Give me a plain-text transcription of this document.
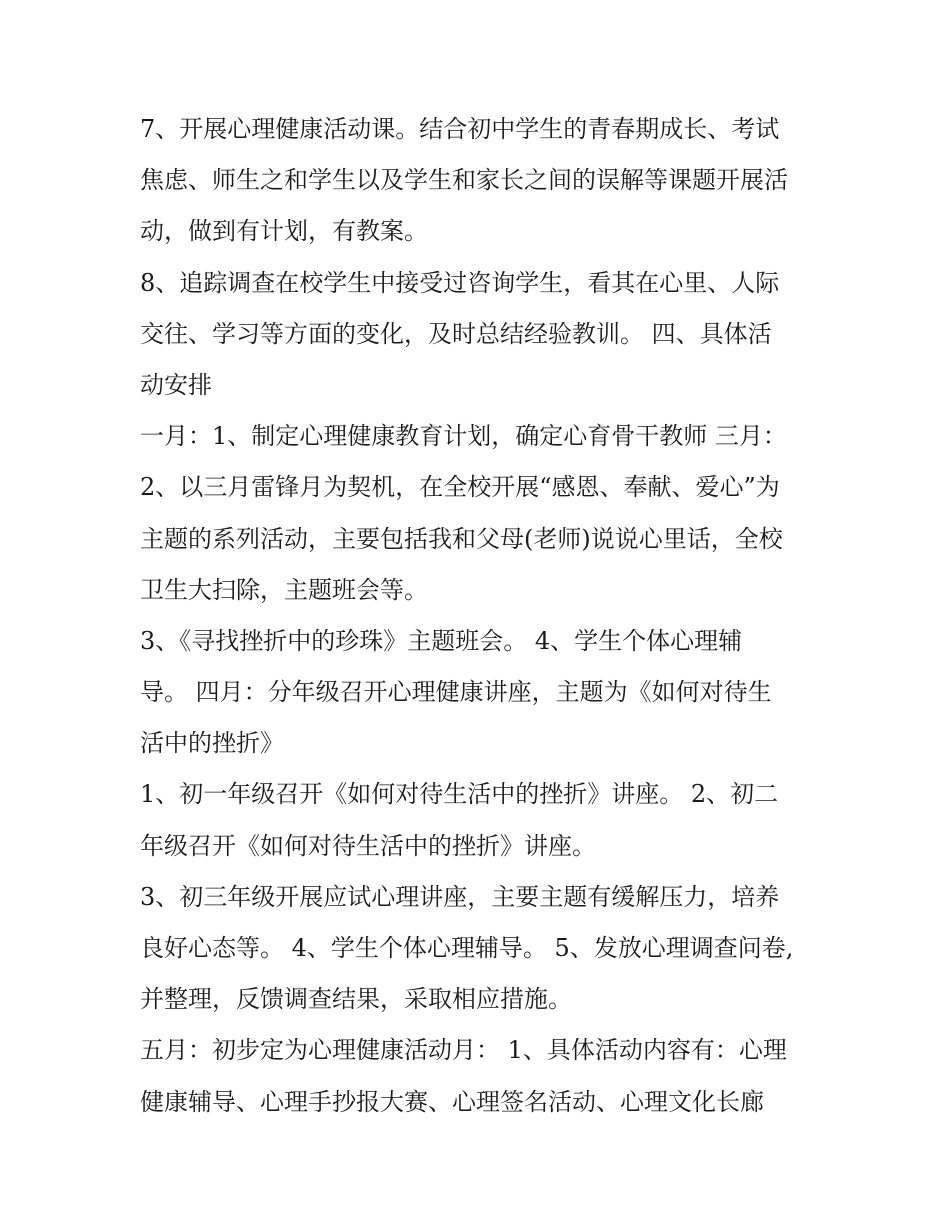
7、开展心理健康活动课。结合初中学生的青春期成长、考试
焦虑、师生之和学生以及学生和家长之间的误解等课题开展活
动，做到有计划，有教案。
8、追踪调查在校学生中接受过咨询学生，看其在心里、人际
交往、学习等方面的变化，及时总结经验教训。 四、具体活
动安排
一月：1、制定心理健康教育计划，确定心育骨干教师 三月：
2、以三月雷锋月为契机，在全校开展“感恩、奉献、爱心”为
主题的系列活动，主要包括我和父母(老师)说说心里话，全校
卫生大扫除，主题班会等。
3、《寻找挫折中的珍珠》主题班会。 4、学生个体心理辅
导。 四月：分年级召开心理健康讲座，主题为《如何对待生
活中的挫折》
1、初一年级召开《如何对待生活中的挫折》讲座。 2、初二
年级召开《如何对待生活中的挫折》讲座。
3、初三年级开展应试心理讲座，主要主题有缓解压力，培养
良好心态等。 4、学生个体心理辅导。 5、发放心理调查问卷,
并整理，反馈调查结果，采取相应措施。
五月：初步定为心理健康活动月： 1、具体活动内容有：心理
健康辅导、心理手抄报大赛、心理签名活动、心理文化长廊
